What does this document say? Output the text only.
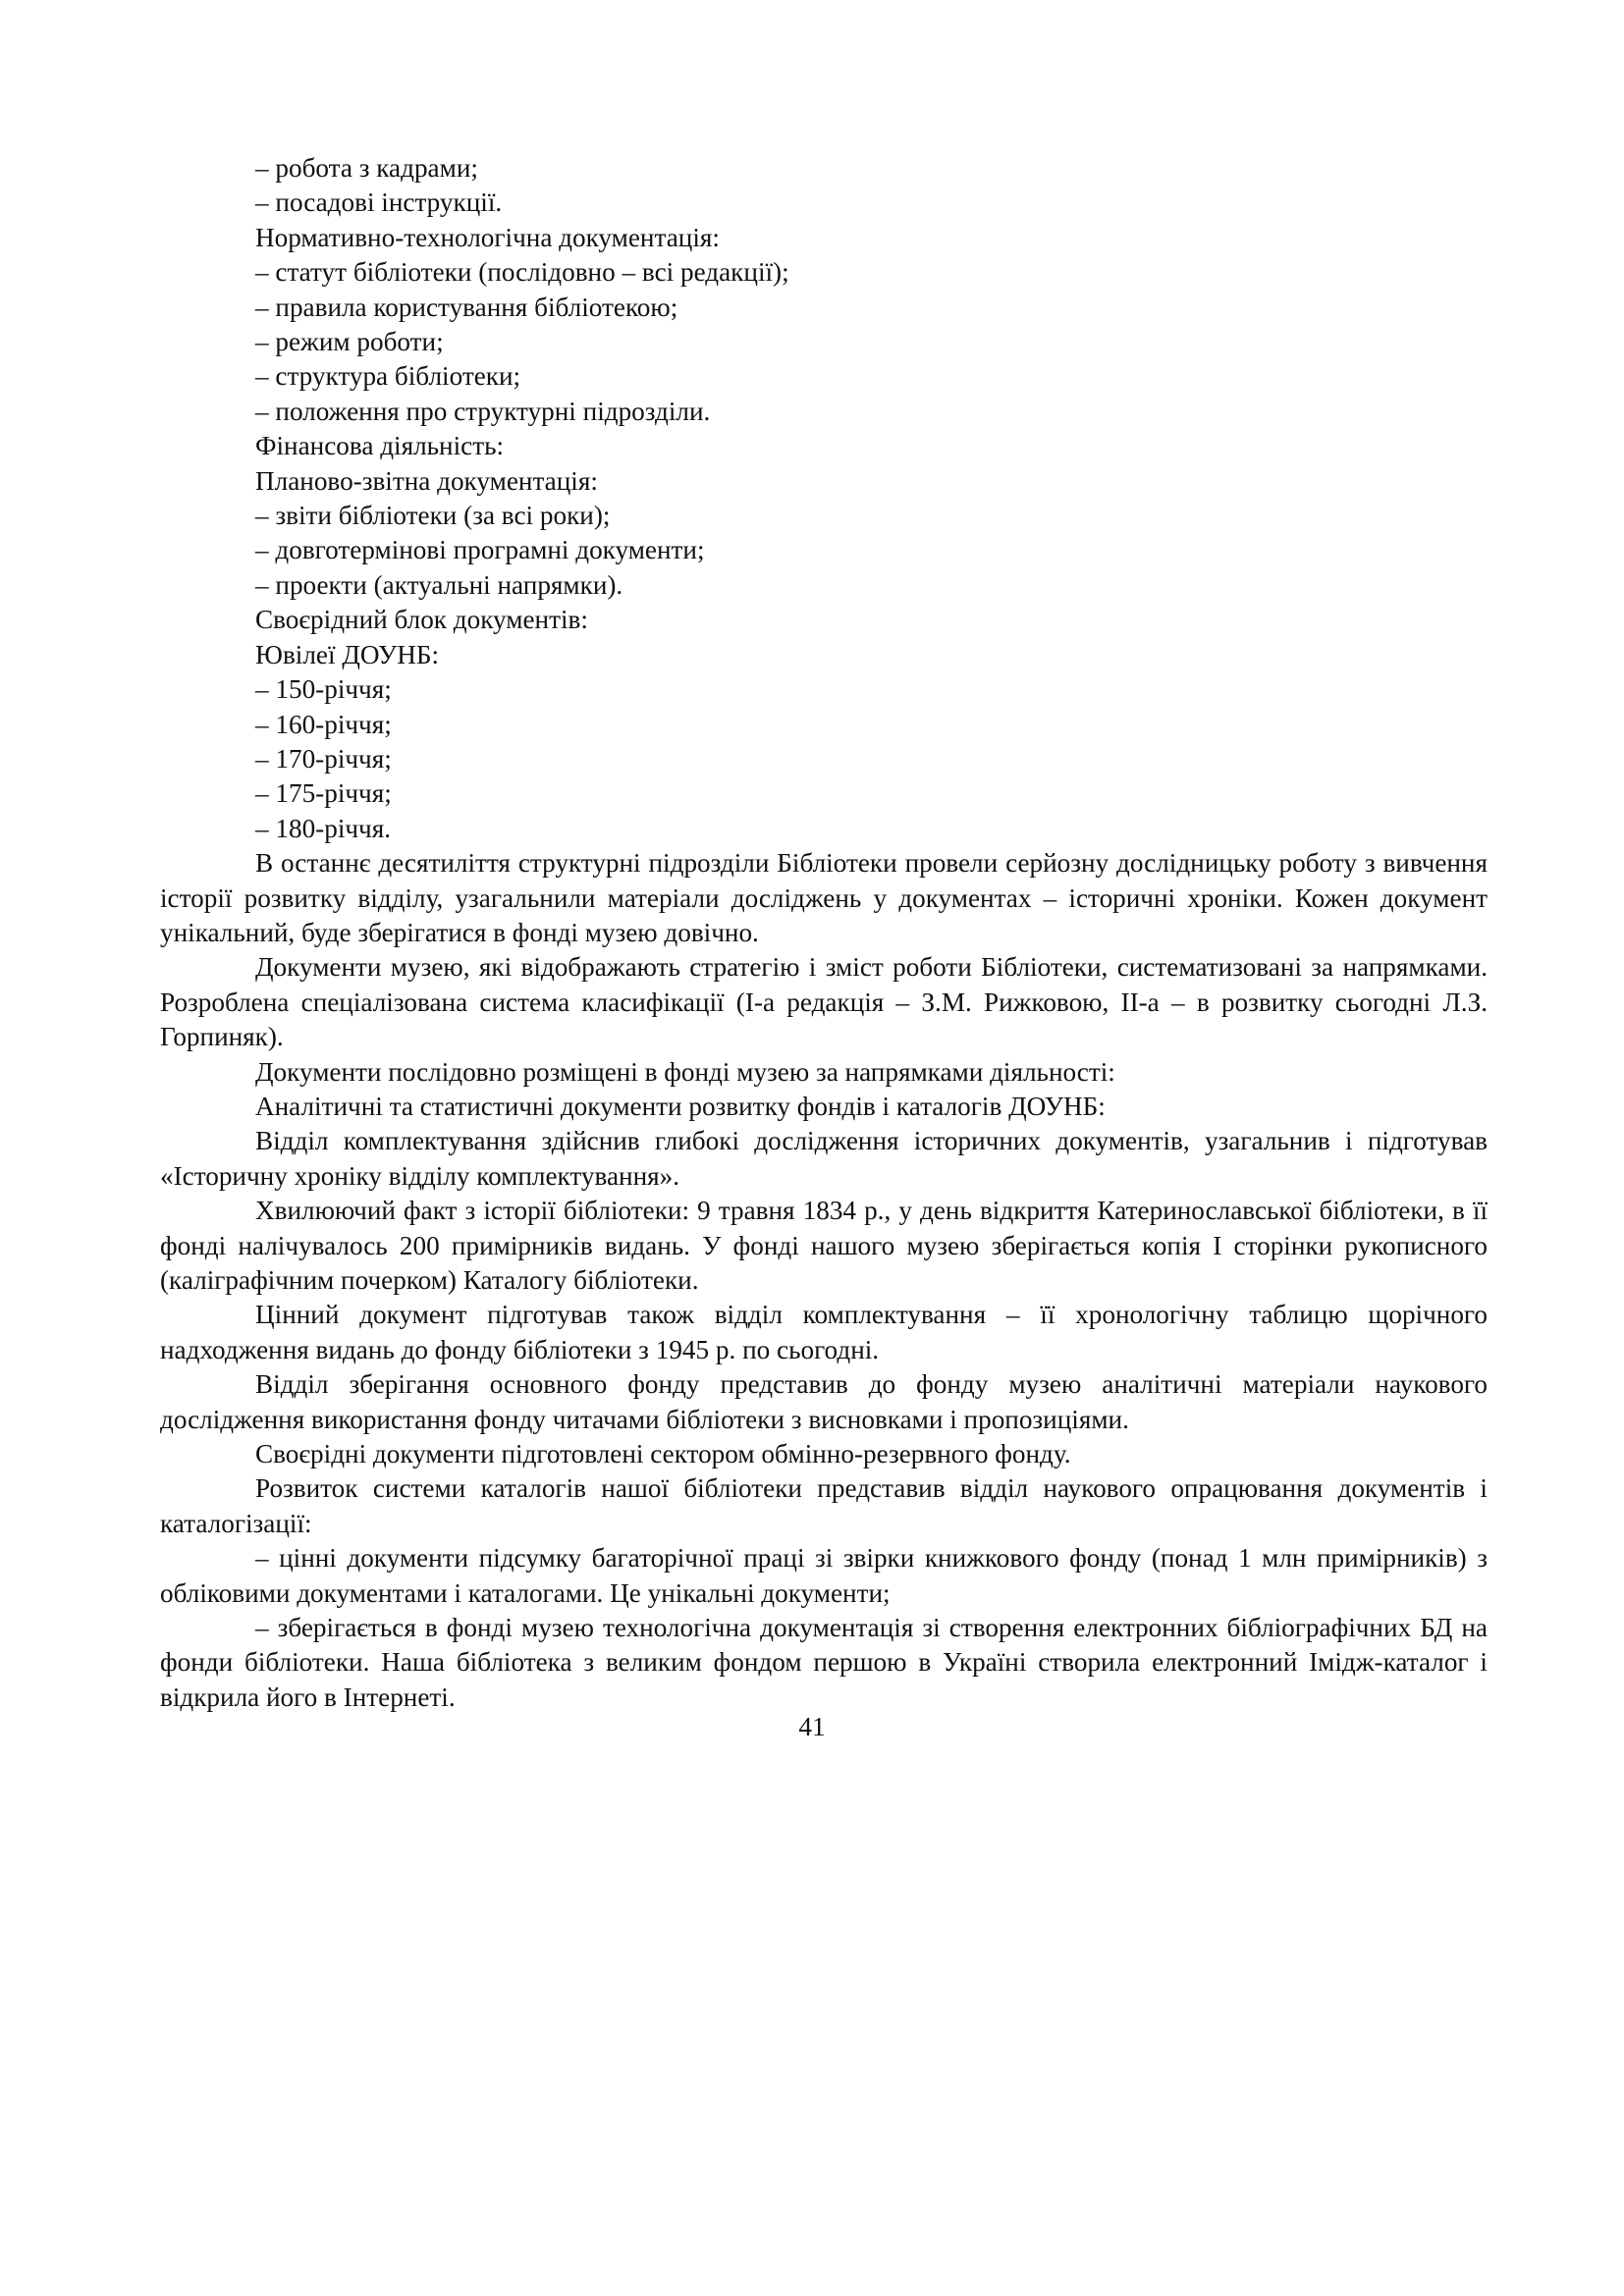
– робота з кадрами;

– посадові інструкції.

Нормативно-технологічна документація:

– статут бібліотеки (послідовно – всі редакції);

– правила користування бібліотекою;

– режим роботи;

– структура бібліотеки;

– положення про структурні підрозділи.

Фінансова діяльність:

Планово-звітна документація:

– звіти бібліотеки (за всі роки);

– довготермінові програмні документи;

– проекти (актуальні напрямки).

Своєрідний блок документів:

Ювілеї ДОУНБ:

– 150-річчя;

– 160-річчя;

– 170-річчя;

– 175-річчя;

– 180-річчя.

В останнє десятиліття структурні підрозділи Бібліотеки провели серйозну дослідницьку роботу з вивчення історії розвитку відділу, узагальнили матеріали досліджень у документах – історичні хроніки. Кожен документ унікальний, буде зберігатися в фонді музею довічно.

Документи музею, які відображають стратегію і зміст роботи Бібліотеки, систематизовані за напрямками. Розроблена спеціалізована система класифікації (I-а редакція – З.М. Рижковою, II-а – в розвитку сьогодні Л.З. Горпиняк).

Документи послідовно розміщені в фонді музею за напрямками діяльності:

Аналітичні та статистичні документи розвитку фондів і каталогів ДОУНБ:

Відділ комплектування здійснив глибокі дослідження історичних документів, узагальнив і підготував «Історичну хроніку відділу комплектування».

Хвилюючий факт з історії бібліотеки: 9 травня 1834 р., у день відкриття Катеринославської бібліотеки, в її фонді налічувалось 200 примірників видань. У фонді нашого музею зберігається копія I сторінки рукописного (каліграфічним почерком) Каталогу бібліотеки.

Цінний документ підготував також відділ комплектування – її хронологічну таблицю щорічного надходження видань до фонду бібліотеки з 1945 р. по сьогодні.

Відділ зберігання основного фонду представив до фонду музею аналітичні матеріали наукового дослідження використання фонду читачами бібліотеки з висновками і пропозиціями.

Своєрідні документи підготовлені сектором обмінно-резервного фонду.

Розвиток системи каталогів нашої бібліотеки представив відділ наукового опрацювання документів і каталогізації:

– цінні документи підсумку багаторічної праці зі звірки книжкового фонду (понад 1 млн примірників) з обліковими документами і каталогами. Це унікальні документи;

– зберігається в фонді музею технологічна документація зі створення електронних бібліографічних БД на фонди бібліотеки. Наша бібліотека з великим фондом першою в Україні створила електронний Імідж-каталог і відкрила його в Інтернеті.

41
